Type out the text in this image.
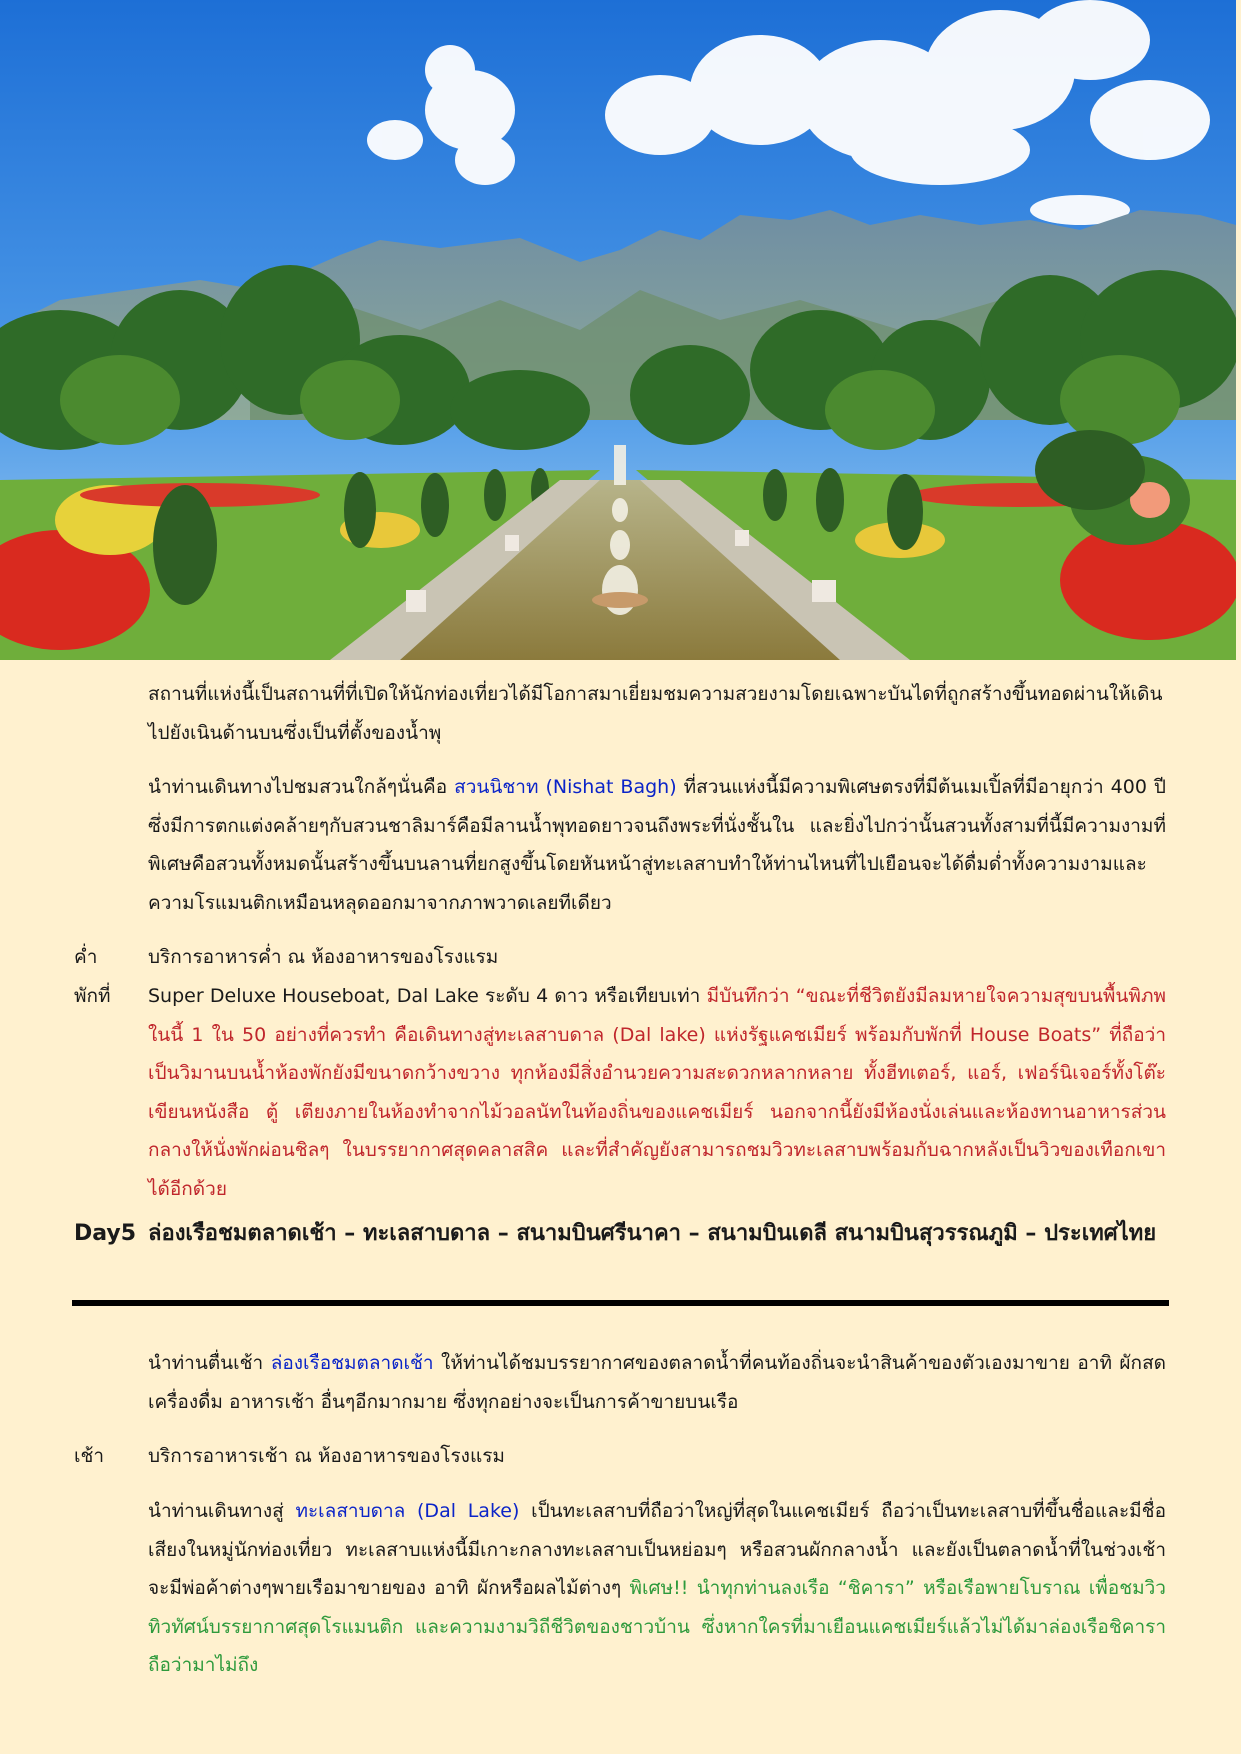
สถานที่แห่งนี้เป็นสถานที่ที่เปิดให้นักท่องเที่ยวได้มีโอกาสมาเยี่ยมชมความสวยงามโดยเฉพาะบันไดที่ถูกสร้างขึ้นทอดผ่านให้เดินไปยังเนินด้านบนซึ่งเป็นที่ตั้งของน้ำพุ

นำท่านเดินทางไปชมสวนใกล้ๆนั่นคือ สวนนิชาท (Nishat Bagh) ที่สวนแห่งนี้มีความพิเศษตรงที่มีต้นเมเปิ้ลที่มีอายุกว่า 400 ปี ซึ่งมีการตกแต่งคล้ายๆกับสวนชาลิมาร์คือมีลานน้ำพุทอดยาวจนถึงพระที่นั่งชั้นใน และยิ่งไปกว่านั้นสวนทั้งสามที่นี้มีความงามที่พิเศษคือสวนทั้งหมดนั้นสร้างขึ้นบนลานที่ยกสูงขึ้นโดยหันหน้าสู่ทะเลสาบทำให้ท่านไหนที่ไปเยือนจะได้ดื่มด่ำทั้งความงามและความโรแมนติกเหมือนหลุดออกมาจากภาพวาดเลยทีเดียว

ค่ำ	บริการอาหารค่ำ ณ ห้องอาหารของโรงแรม
พักที่	Super Deluxe Houseboat, Dal Lake ระดับ 4 ดาว หรือเทียบเท่า มีบันทึกว่า “ขณะที่ชีวิตยังมีลมหายใจความสุขบนพื้นพิภพในนี้ 1 ใน 50 อย่างที่ควรทำ คือเดินทางสู่ทะเลสาบดาล (Dal lake) แห่งรัฐแคชเมียร์ พร้อมกับพักที่ House Boats” ที่ถือว่าเป็นวิมานบนน้ำห้องพักยังมีขนาดกว้างขวาง ทุกห้องมีสิ่งอำนวยความสะดวกหลากหลาย ทั้งฮีทเตอร์, แอร์, เฟอร์นิเจอร์ทั้งโต๊ะเขียนหนังสือ ตู้ เตียงภายในห้องทำจากไม้วอลนัทในท้องถิ่นของแคชเมียร์ นอกจากนี้ยังมีห้องนั่งเล่นและห้องทานอาหารส่วนกลางให้นั่งพักผ่อนชิลๆ ในบรรยากาศสุดคลาสสิค และที่สำคัญยังสามารถชมวิวทะเลสาบพร้อมกับฉากหลังเป็นวิวของเทือกเขาได้อีกด้วย
Day5 ล่องเรือชมตลาดเช้า – ทะเลสาบดาล – สนามบินศรีนาคา – สนามบินเดลี สนามบินสุวรรณภูมิ – ประเทศไทย

นำท่านตื่นเช้า ล่องเรือชมตลาดเช้า ให้ท่านได้ชมบรรยากาศของตลาดน้ำที่คนท้องถิ่นจะนำสินค้าของตัวเองมาขาย อาทิ ผักสด เครื่องดื่ม อาหารเช้า อื่นๆอีกมากมาย ซึ่งทุกอย่างจะเป็นการค้าขายบนเรือ

เช้า	บริการอาหารเช้า ณ ห้องอาหารของโรงแรม

นำท่านเดินทางสู่ ทะเลสาบดาล (Dal Lake) เป็นทะเลสาบที่ถือว่าใหญ่ที่สุดในแคชเมียร์ ถือว่าเป็นทะเลสาบที่ขึ้นชื่อและมีชื่อเสียงในหมู่นักท่องเที่ยว ทะเลสาบแห่งนี้มีเกาะกลางทะเลสาบเป็นหย่อมๆ หรือสวนผักกลางน้ำ และยังเป็นตลาดน้ำที่ในช่วงเช้าจะมีพ่อค้าต่างๆพายเรือมาขายของ อาทิ ผักหรือผลไม้ต่างๆ พิเศษ!! นำทุกท่านลงเรือ “ชิคารา” หรือเรือพายโบราณ เพื่อชมวิวทิวทัศน์บรรยากาศสุดโรแมนติก และความงามวิถีชีวิตของชาวบ้าน ซึ่งหากใครที่มาเยือนแคชเมียร์แล้วไม่ได้มาล่องเรือชิคาราถือว่ามาไม่ถึง
